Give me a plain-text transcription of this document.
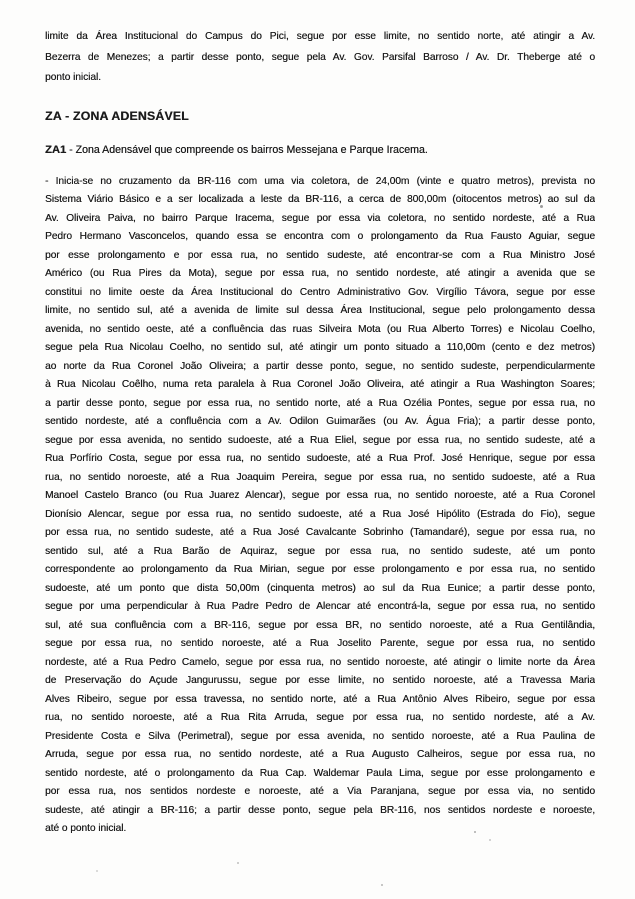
limite da Área Institucional do Campus do Pici, segue por esse limite, no sentido norte, até atingir a Av.
Bezerra de Menezes; a partir desse ponto, segue pela Av. Gov. Parsifal Barroso / Av. Dr. Theberge até o
ponto inicial.
ZA - ZONA ADENSÁVEL
ZA1 - Zona Adensável que compreende os bairros Messejana e Parque Iracema.
- Inicia-se no cruzamento da BR-116 com uma via coletora, de 24,00m (vinte e quatro metros), prevista no
Sistema Viário Básico e a ser localizada a leste da BR-116, a cerca de 800,00m (oitocentos metros) ao sul da
Av. Oliveira Paiva, no bairro Parque Iracema, segue por essa via coletora, no sentido nordeste, até a Rua
Pedro Hermano Vasconcelos, quando essa se encontra com o prolongamento da Rua Fausto Aguiar, segue
por esse prolongamento e por essa rua, no sentido sudeste, até encontrar-se com a Rua Ministro José
Américo (ou Rua Pires da Mota), segue por essa rua, no sentido nordeste, até atingir a avenida que se
constitui no limite oeste da Área Institucional do Centro Administrativo Gov. Virgílio Távora, segue por esse
limite, no sentido sul, até a avenida de limite sul dessa Área Institucional, segue pelo prolongamento dessa
avenida, no sentido oeste, até a confluência das ruas Silveira Mota (ou Rua Alberto Torres) e Nicolau Coelho,
segue pela Rua Nicolau Coelho, no sentido sul, até atingir um ponto situado a 110,00m (cento e dez metros)
ao norte da Rua Coronel João Oliveira; a partir desse ponto, segue, no sentido sudeste, perpendicularmente
à Rua Nicolau Coêlho, numa reta paralela à Rua Coronel João Oliveira, até atingir a Rua Washington Soares;
a partir desse ponto, segue por essa rua, no sentido norte, até a Rua Ozélia Pontes, segue por essa rua, no
sentido nordeste, até a confluência com a Av. Odilon Guimarães (ou Av. Água Fria); a partir desse ponto,
segue por essa avenida, no sentido sudoeste, até a Rua Eliel, segue por essa rua, no sentido sudeste, até a
Rua Porfírio Costa, segue por essa rua, no sentido sudoeste, até a Rua Prof. José Henrique, segue por essa
rua, no sentido noroeste, até a Rua Joaquim Pereira, segue por essa rua, no sentido sudoeste, até a Rua
Manoel Castelo Branco (ou Rua Juarez Alencar), segue por essa rua, no sentido noroeste, até a Rua Coronel
Dionísio Alencar, segue por essa rua, no sentido sudoeste, até a Rua José Hipólito (Estrada do Fio), segue
por essa rua, no sentido sudeste, até a Rua José Cavalcante Sobrinho (Tamandaré), segue por essa rua, no
sentido sul, até a Rua Barão de Aquiraz, segue por essa rua, no sentido sudeste, até um ponto
correspondente ao prolongamento da Rua Mirian, segue por esse prolongamento e por essa rua, no sentido
sudoeste, até um ponto que dista 50,00m (cinquenta metros) ao sul da Rua Eunice; a partir desse ponto,
segue por uma perpendicular à Rua Padre Pedro de Alencar até encontrá-la, segue por essa rua, no sentido
sul, até sua confluência com a BR-116, segue por essa BR, no sentido noroeste, até a Rua Gentilândia,
segue por essa rua, no sentido noroeste, até a Rua Joselito Parente, segue por essa rua, no sentido
nordeste, até a Rua Pedro Camelo, segue por essa rua, no sentido noroeste, até atingir o limite norte da Área
de Preservação do Açude Jangurussu, segue por esse limite, no sentido noroeste, até a Travessa Maria
Alves Ribeiro, segue por essa travessa, no sentido norte, até a Rua Antônio Alves Ribeiro, segue por essa
rua, no sentido noroeste, até a Rua Rita Arruda, segue por essa rua, no sentido nordeste, até a Av.
Presidente Costa e Silva (Perimetral), segue por essa avenida, no sentido noroeste, até a Rua Paulina de
Arruda, segue por essa rua, no sentido nordeste, até a Rua Augusto Calheiros, segue por essa rua, no
sentido nordeste, até o prolongamento da Rua Cap. Waldemar Paula Lima, segue por esse prolongamento e
por essa rua, nos sentidos nordeste e noroeste, até a Via Paranjana, segue por essa via, no sentido
sudeste, até atingir a BR-116; a partir desse ponto, segue pela BR-116, nos sentidos nordeste e noroeste,
até o ponto inicial.
